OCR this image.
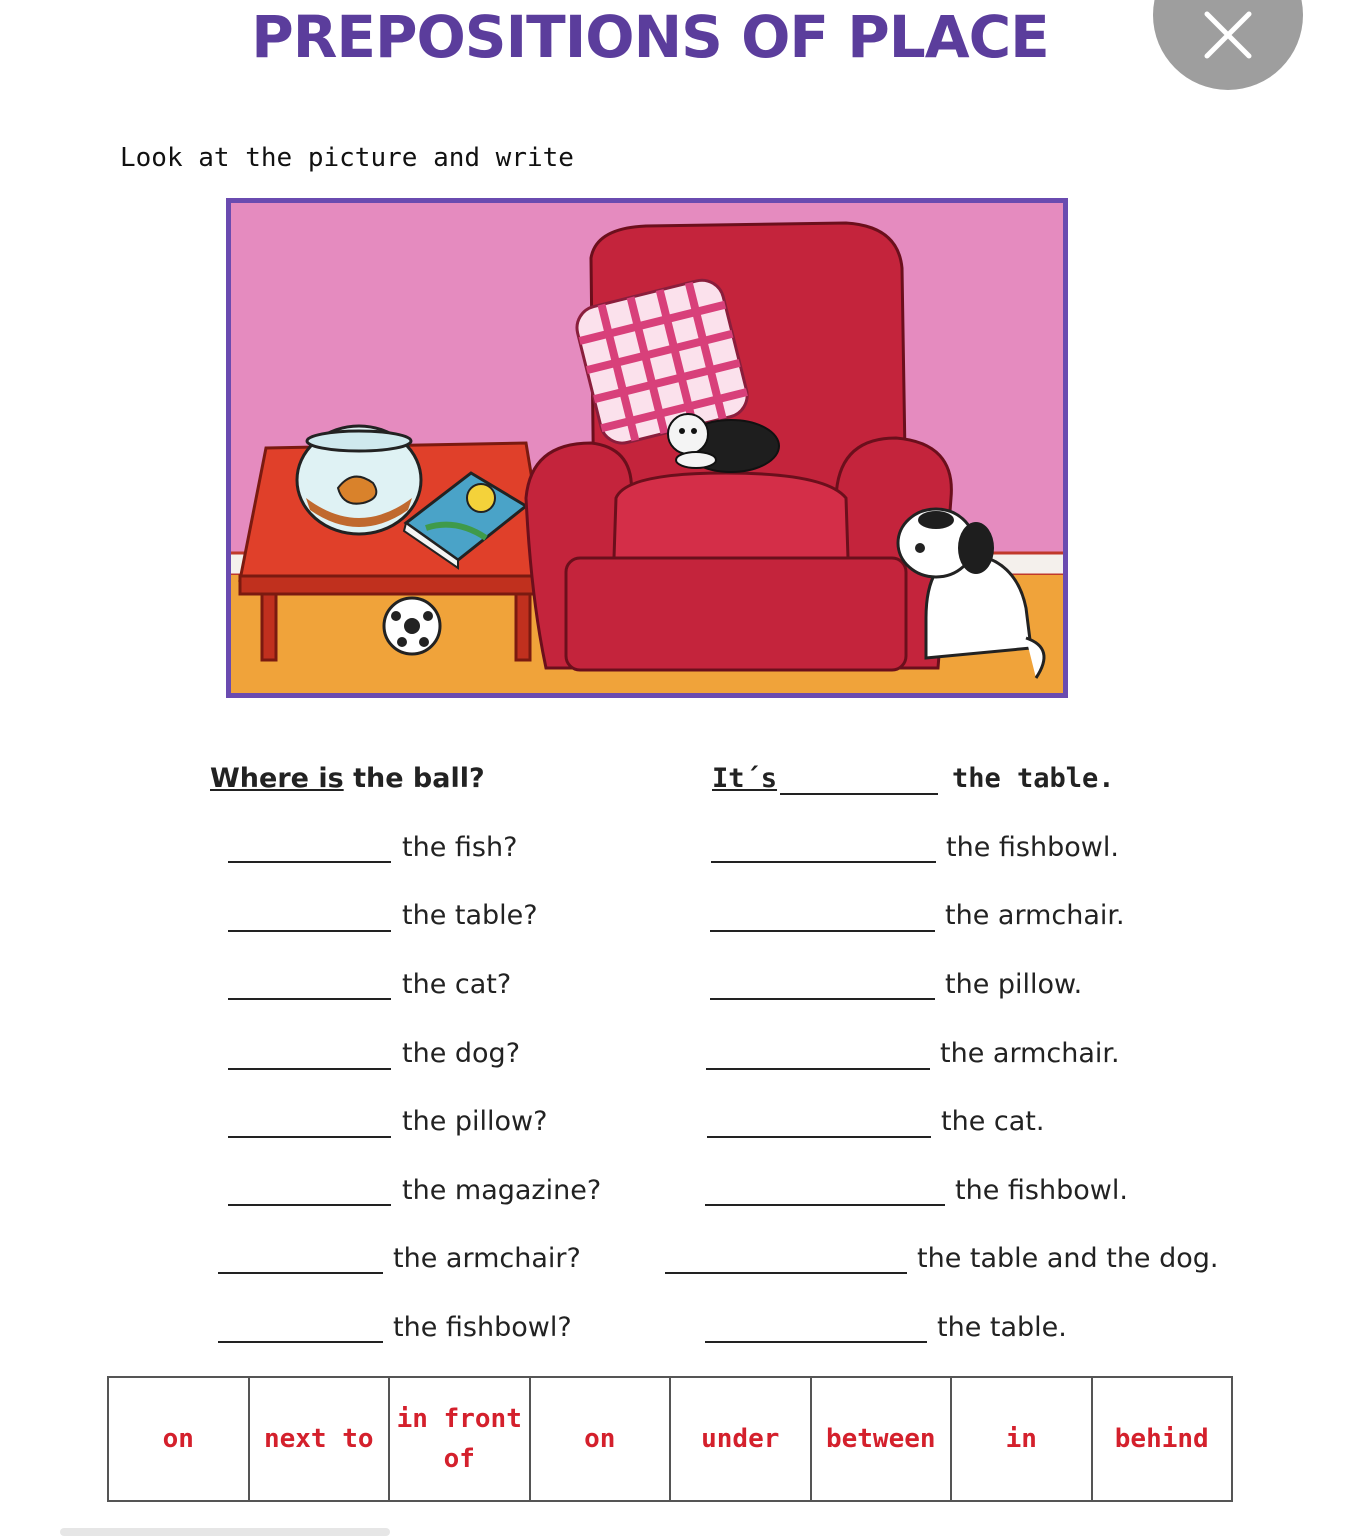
PREPOSITIONS OF PLACE
Look at the picture and write
Where is the ball?	It´s	the table.
the fish?	the fishbowl.
the table?	the armchair.
the cat?	the pillow.
the dog?	the armchair.
the pillow?	the cat.
the magazine?	the fishbowl.
the armchair?	the table and the dog.
the fishbowl?	the table.
on	next to	in front of	on	under	between	in	behind
